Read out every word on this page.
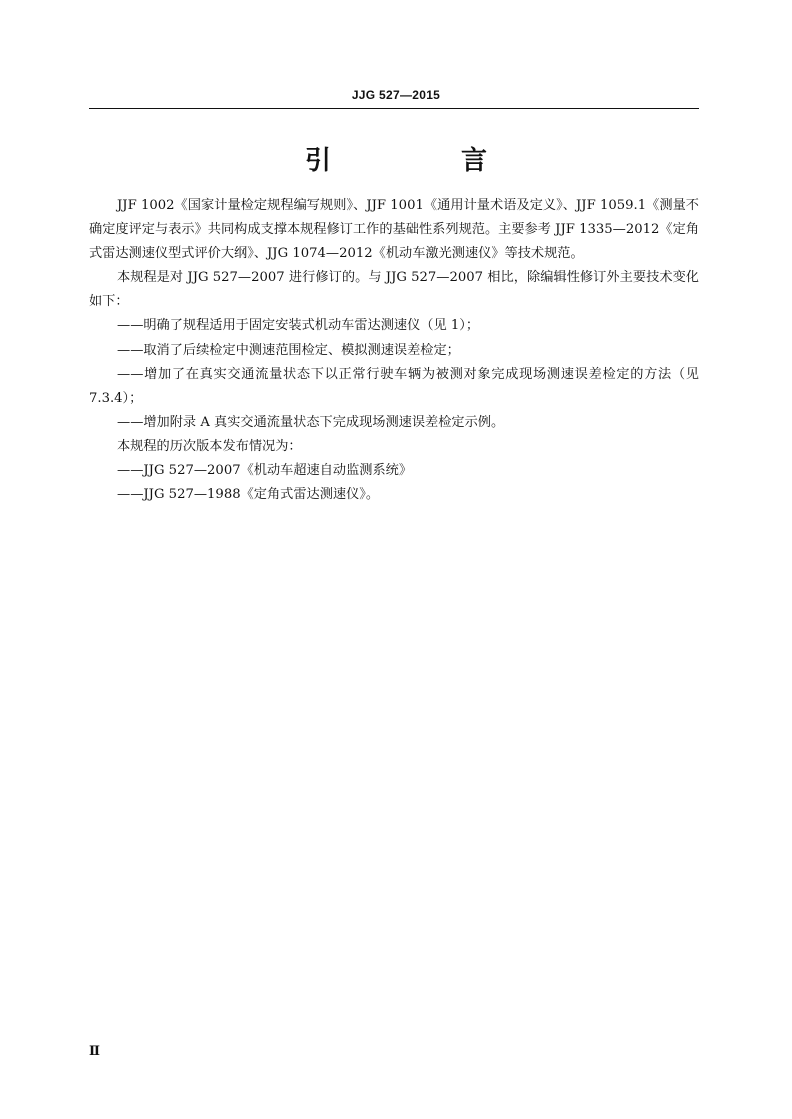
JJG 527—2015
引　言

JJF 1002《国家计量检定规程编写规则》、JJF 1001《通用计量术语及定义》、JJF 1059.1《测量不确定度评定与表示》共同构成支撑本规程修订工作的基础性系列规范。主要参考 JJF 1335—2012《定角式雷达测速仪型式评价大纲》、JJG 1074—2012《机动车激光测速仪》等技术规范。

本规程是对 JJG 527—2007 进行修订的。与 JJG 527—2007 相比，除编辑性修订外主要技术变化如下：

——明确了规程适用于固定安装式机动车雷达测速仪（见 1）；

——取消了后续检定中测速范围检定、模拟测速误差检定；

——增加了在真实交通流量状态下以正常行驶车辆为被测对象完成现场测速误差检定的方法（见 7.3.4）；

——增加附录 A 真实交通流量状态下完成现场测速误差检定示例。

本规程的历次版本发布情况为：

——JJG 527—2007《机动车超速自动监测系统》

——JJG 527—1988《定角式雷达测速仪》。

Ⅱ
